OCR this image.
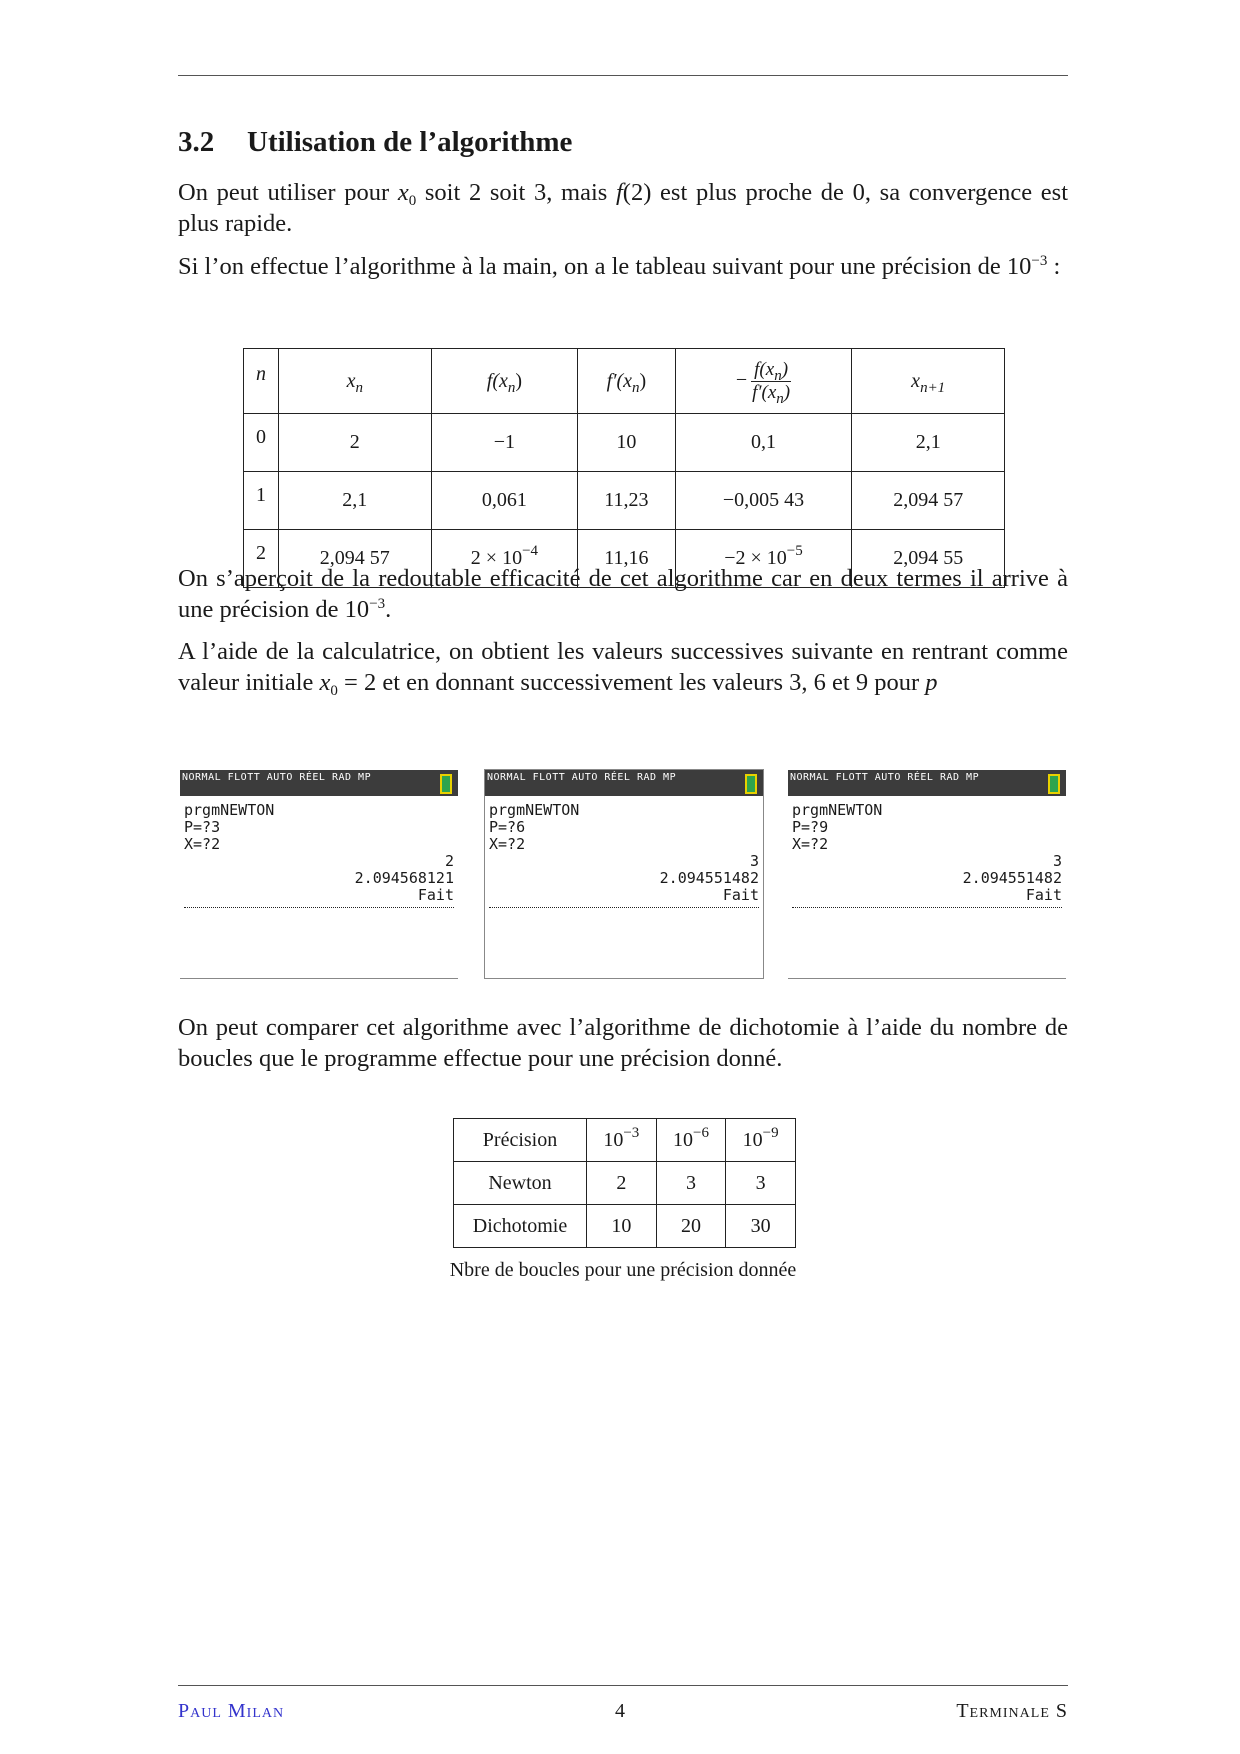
3.2 Utilisation de l’algorithme
On peut utiliser pour $x_0$ soit 2 soit 3, mais f(2) est plus proche de 0, sa convergence est plus rapide.
Si l’on effectue l’algorithme à la main, on a le tableau suivant pour une précision de $10^{-3}$ :
n	$x_n$	$f(x_n)$	$f'(x_n)$	− $\frac{f(x_n)}{f'(x_n)}$	$x_{n+1}$
0	2	−1	10	0,1	2,1
1	2,1	0,061	11,23	−0,005 43	2,094 57
2	2,094 57	$2 \times 10^{-4}$	11,16	$-2 \times 10^{-5}$	2,094 55
On s’aperçoit de la redoutable efficacité de cet algorithme car en deux termes il arrive à une précision de $10^{-3}$.
A l’aide de la calculatrice, on obtient les valeurs successives suivante en rentrant comme valeur initiale $x_0 = 2$ et en donnant successivement les valeurs 3, 6 et 9 pour p
NORMAL FLOTT AUTO RÉEL RAD MP
prgmNEWTON
P=?3
X=?2
2
2.094568121
Fait
NORMAL FLOTT AUTO RÉEL RAD MP
prgmNEWTON
P=?6
X=?2
3
2.094551482
Fait
NORMAL FLOTT AUTO RÉEL RAD MP
prgmNEWTON
P=?9
X=?2
3
2.094551482
Fait
On peut comparer cet algorithme avec l’algorithme de dichotomie à l’aide du nombre de boucles que le programme effectue pour une précision donné.
Précision	$10^{-3}$	$10^{-6}$	$10^{-9}$
Newton	2	3	3
Dichotomie	10	20	30
Nbre de boucles pour une précision donnée
Paul Milan	4	Terminale S
